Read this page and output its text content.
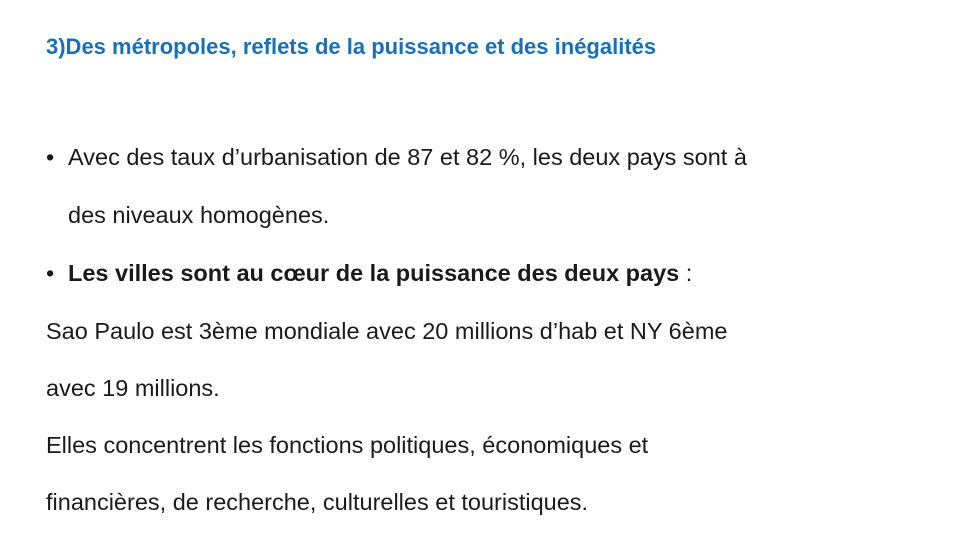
3)Des métropoles, reflets de la puissance et des inégalités
• Avec des taux d’urbanisation de 87 et 82 %, les deux pays sont à
des niveaux homogènes.
• Les villes sont au cœur de la puissance des deux pays :
Sao Paulo est 3ème mondiale avec 20 millions d’hab et NY 6ème
avec 19 millions.
Elles concentrent les fonctions politiques, économiques et
financières, de recherche, culturelles et touristiques.
